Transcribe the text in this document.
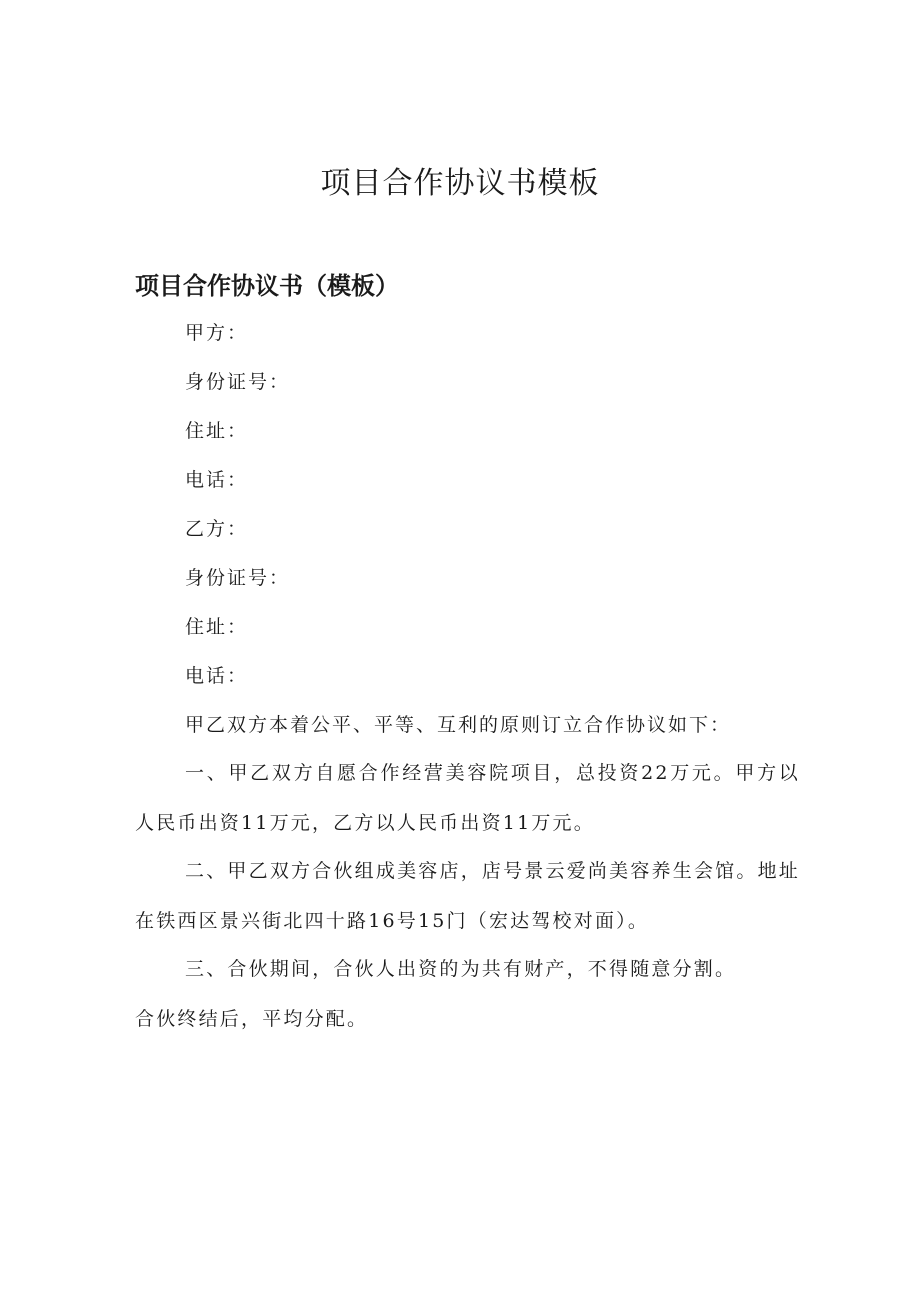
项目合作协议书模板
项目合作协议书（模板）
甲方：
身份证号：
住址：
电话：
乙方：
身份证号：
住址：
电话：
甲乙双方本着公平、平等、互利的原则订立合作协议如下：
一、甲乙双方自愿合作经营美容院项目，总投资22万元。甲方以人民币出资11万元，乙方以人民币出资11万元。
二、甲乙双方合伙组成美容店，店号景云爱尚美容养生会馆。地址在铁西区景兴街北四十路16号15门（宏达驾校对面）。
三、合伙期间，合伙人出资的为共有财产，不得随意分割。
合伙终结后，平均分配。
